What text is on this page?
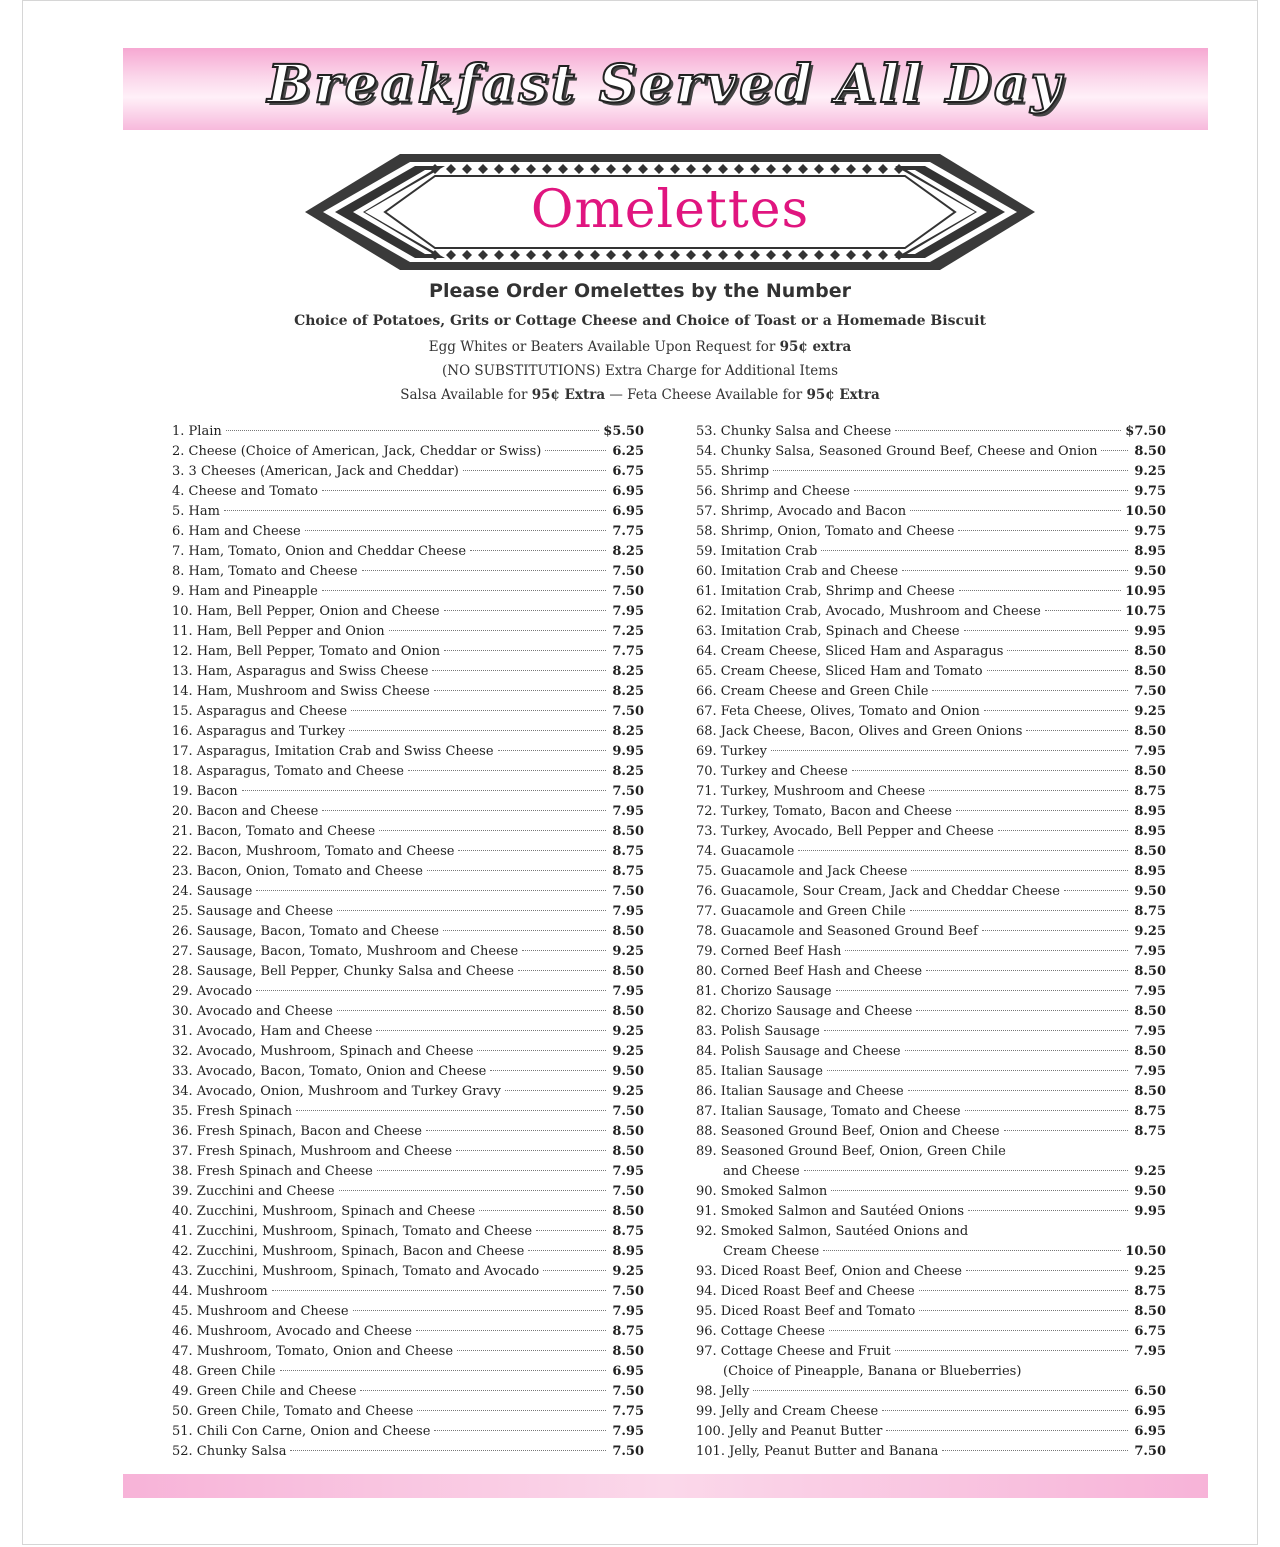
Breakfast Served All Day
Omelettes
Please Order Omelettes by the Number
Choice of Potatoes, Grits or Cottage Cheese and Choice of Toast or a Homemade Biscuit
Egg Whites or Beaters Available Upon Request for 95¢ extra
(NO SUBSTITUTIONS) Extra Charge for Additional Items
Salsa Available for 95¢ Extra — Feta Cheese Available for 95¢ Extra
1. Plain	$5.50
2. Cheese (Choice of American, Jack, Cheddar or Swiss)	6.25
3. 3 Cheeses (American, Jack and Cheddar)	6.75
4. Cheese and Tomato	6.95
5. Ham	6.95
6. Ham and Cheese	7.75
7. Ham, Tomato, Onion and Cheddar Cheese	8.25
8. Ham, Tomato and Cheese	7.50
9. Ham and Pineapple	7.50
10. Ham, Bell Pepper, Onion and Cheese	7.95
11. Ham, Bell Pepper and Onion	7.25
12. Ham, Bell Pepper, Tomato and Onion	7.75
13. Ham, Asparagus and Swiss Cheese	8.25
14. Ham, Mushroom and Swiss Cheese	8.25
15. Asparagus and Cheese	7.50
16. Asparagus and Turkey	8.25
17. Asparagus, Imitation Crab and Swiss Cheese	9.95
18. Asparagus, Tomato and Cheese	8.25
19. Bacon	7.50
20. Bacon and Cheese	7.95
21. Bacon, Tomato and Cheese	8.50
22. Bacon, Mushroom, Tomato and Cheese	8.75
23. Bacon, Onion, Tomato and Cheese	8.75
24. Sausage	7.50
25. Sausage and Cheese	7.95
26. Sausage, Bacon, Tomato and Cheese	8.50
27. Sausage, Bacon, Tomato, Mushroom and Cheese	9.25
28. Sausage, Bell Pepper, Chunky Salsa and Cheese	8.50
29. Avocado	7.95
30. Avocado and Cheese	8.50
31. Avocado, Ham and Cheese	9.25
32. Avocado, Mushroom, Spinach and Cheese	9.25
33. Avocado, Bacon, Tomato, Onion and Cheese	9.50
34. Avocado, Onion, Mushroom and Turkey Gravy	9.25
35. Fresh Spinach	7.50
36. Fresh Spinach, Bacon and Cheese	8.50
37. Fresh Spinach, Mushroom and Cheese	8.50
38. Fresh Spinach and Cheese	7.95
39. Zucchini and Cheese	7.50
40. Zucchini, Mushroom, Spinach and Cheese	8.50
41. Zucchini, Mushroom, Spinach, Tomato and Cheese	8.75
42. Zucchini, Mushroom, Spinach, Bacon and Cheese	8.95
43. Zucchini, Mushroom, Spinach, Tomato and Avocado	9.25
44. Mushroom	7.50
45. Mushroom and Cheese	7.95
46. Mushroom, Avocado and Cheese	8.75
47. Mushroom, Tomato, Onion and Cheese	8.50
48. Green Chile	6.95
49. Green Chile and Cheese	7.50
50. Green Chile, Tomato and Cheese	7.75
51. Chili Con Carne, Onion and Cheese	7.95
52. Chunky Salsa	7.50
53. Chunky Salsa and Cheese	$7.50
54. Chunky Salsa, Seasoned Ground Beef, Cheese and Onion	8.50
55. Shrimp	9.25
56. Shrimp and Cheese	9.75
57. Shrimp, Avocado and Bacon	10.50
58. Shrimp, Onion, Tomato and Cheese	9.75
59. Imitation Crab	8.95
60. Imitation Crab and Cheese	9.50
61. Imitation Crab, Shrimp and Cheese	10.95
62. Imitation Crab, Avocado, Mushroom and Cheese	10.75
63. Imitation Crab, Spinach and Cheese	9.95
64. Cream Cheese, Sliced Ham and Asparagus	8.50
65. Cream Cheese, Sliced Ham and Tomato	8.50
66. Cream Cheese and Green Chile	7.50
67. Feta Cheese, Olives, Tomato and Onion	9.25
68. Jack Cheese, Bacon, Olives and Green Onions	8.50
69. Turkey	7.95
70. Turkey and Cheese	8.50
71. Turkey, Mushroom and Cheese	8.75
72. Turkey, Tomato, Bacon and Cheese	8.95
73. Turkey, Avocado, Bell Pepper and Cheese	8.95
74. Guacamole	8.50
75. Guacamole and Jack Cheese	8.95
76. Guacamole, Sour Cream, Jack and Cheddar Cheese	9.50
77. Guacamole and Green Chile	8.75
78. Guacamole and Seasoned Ground Beef	9.25
79. Corned Beef Hash	7.95
80. Corned Beef Hash and Cheese	8.50
81. Chorizo Sausage	7.95
82. Chorizo Sausage and Cheese	8.50
83. Polish Sausage	7.95
84. Polish Sausage and Cheese	8.50
85. Italian Sausage	7.95
86. Italian Sausage and Cheese	8.50
87. Italian Sausage, Tomato and Cheese	8.75
88. Seasoned Ground Beef, Onion and Cheese	8.75
89. Seasoned Ground Beef, Onion, Green Chile
and Cheese	9.25
90. Smoked Salmon	9.50
91. Smoked Salmon and Sautéed Onions	9.95
92. Smoked Salmon, Sautéed Onions and
Cream Cheese	10.50
93. Diced Roast Beef, Onion and Cheese	9.25
94. Diced Roast Beef and Cheese	8.75
95. Diced Roast Beef and Tomato	8.50
96. Cottage Cheese	6.75
97. Cottage Cheese and Fruit	7.95
(Choice of Pineapple, Banana or Blueberries)
98. Jelly	6.50
99. Jelly and Cream Cheese	6.95
100. Jelly and Peanut Butter	6.95
101. Jelly, Peanut Butter and Banana	7.50
